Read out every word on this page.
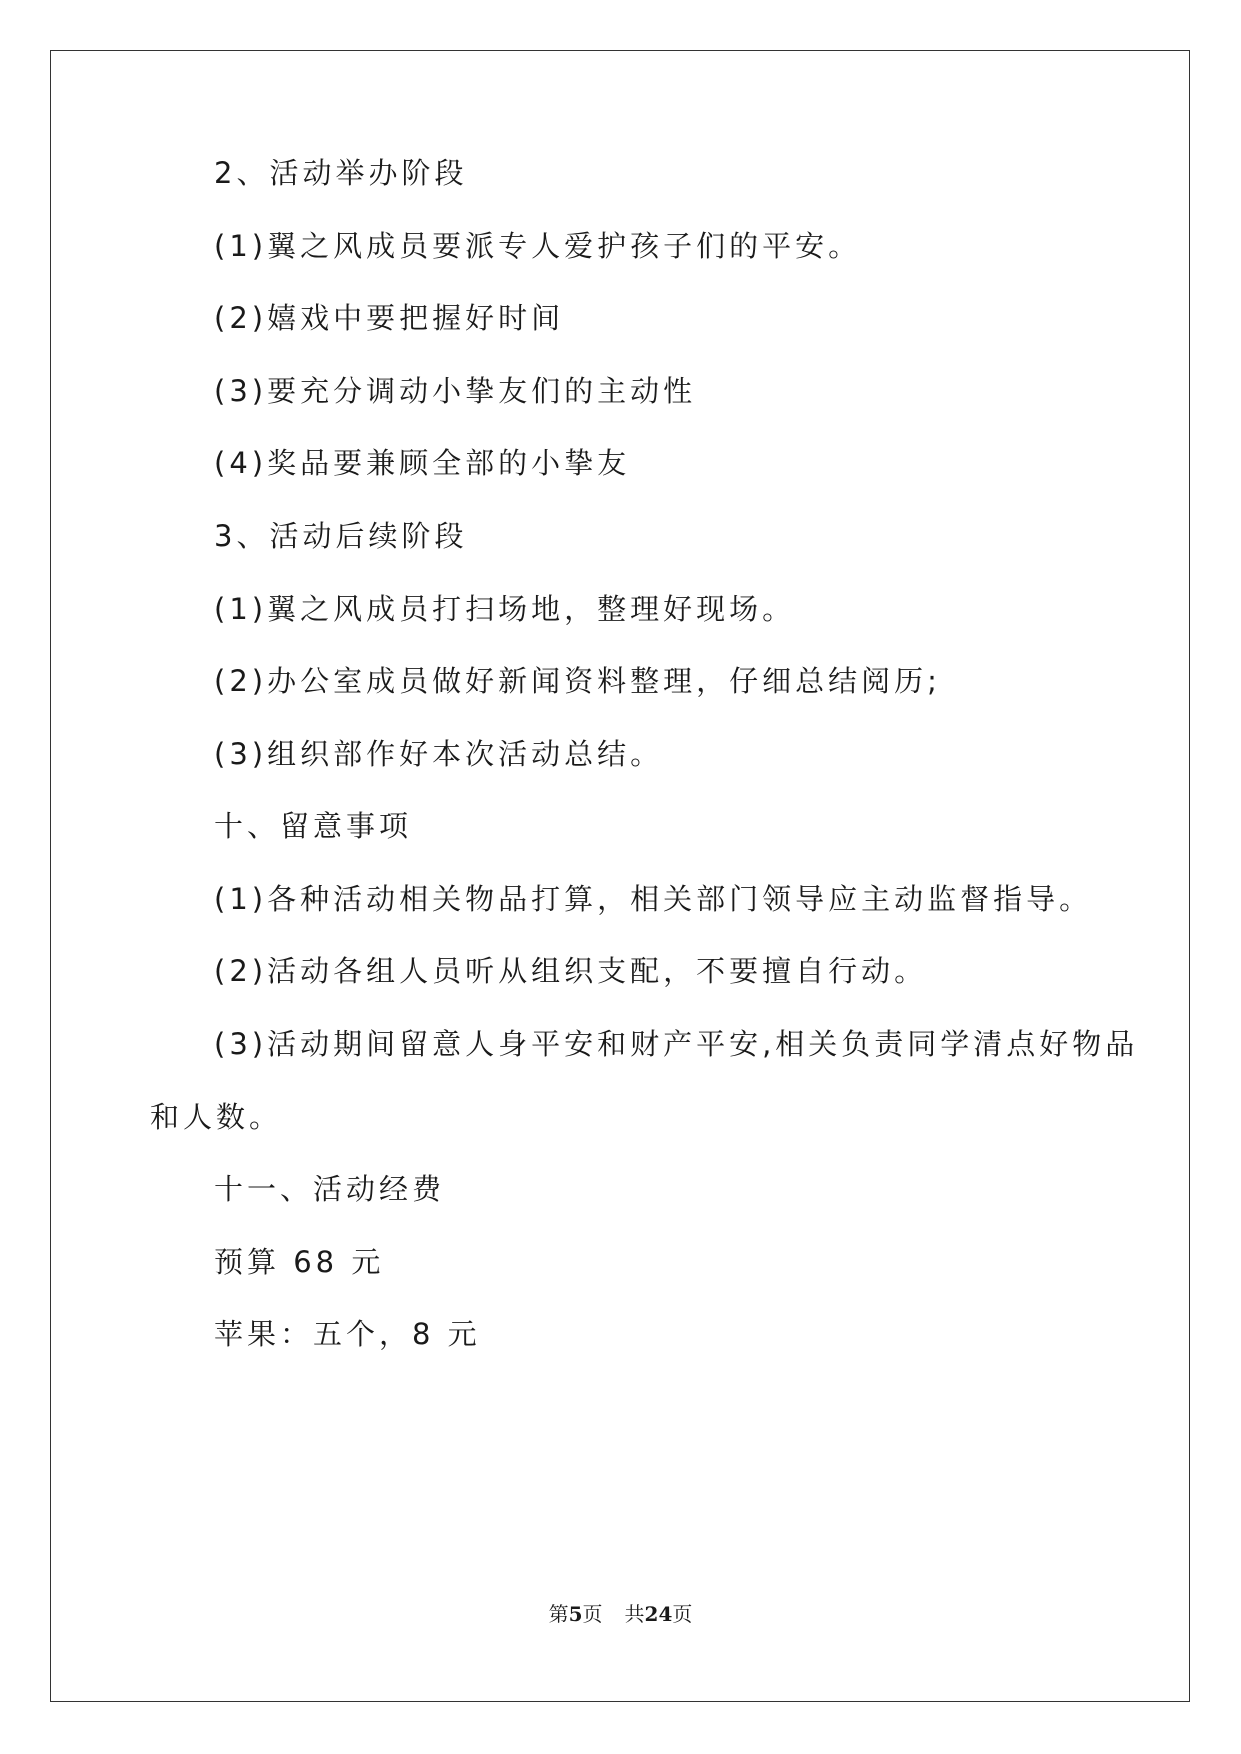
2、活动举办阶段
(1)翼之风成员要派专人爱护孩子们的平安。
(2)嬉戏中要把握好时间
(3)要充分调动小挚友们的主动性
(4)奖品要兼顾全部的小挚友
3、活动后续阶段
(1)翼之风成员打扫场地，整理好现场。
(2)办公室成员做好新闻资料整理，仔细总结阅历;
(3)组织部作好本次活动总结。
十、留意事项
(1)各种活动相关物品打算，相关部门领导应主动监督指导。
(2)活动各组人员听从组织支配，不要擅自行动。
(3)活动期间留意人身平安和财产平安,相关负责同学清点好物品
和人数。
十一、活动经费
预算 68 元
苹果：五个，8 元
第5页 共24页
